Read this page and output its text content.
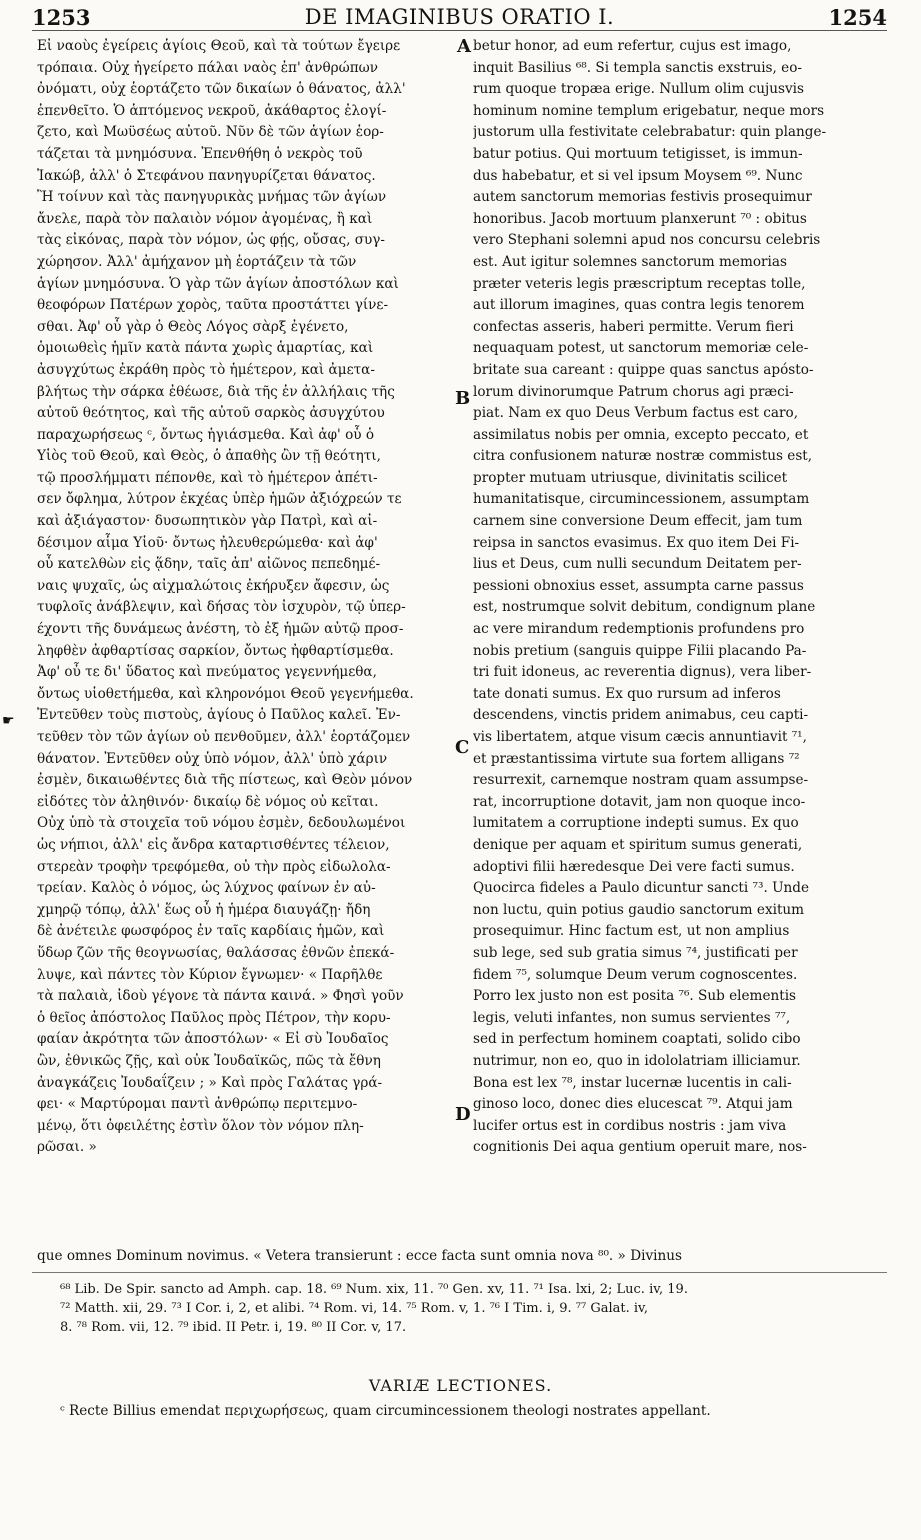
1253	DE IMAGINIBUS ORATIO I.	1254
Εἰ ναοὺς ἐγείρεις ἁγίοις Θεοῦ, καὶ τὰ τούτων ἔγειρε
τρόπαια. Οὐχ ἠγείρετο πάλαι ναὸς ἐπ' ἀνθρώπων
ὀνόματι, οὐχ ἑορτάζετο τῶν δικαίων ὁ θάνατος, ἀλλ'
ἐπενθεῖτο. Ὁ ἁπτόμενος νεκροῦ, ἀκάθαρτος ἐλογί-
ζετο, καὶ Μωϋσέως αὐτοῦ. Νῦν δὲ τῶν ἁγίων ἑορ-
τάζεται τὰ μνημόσυνα. Ἐπενθήθη ὁ νεκρὸς τοῦ
Ἰακώβ, ἀλλ' ὁ Στεφάνου πανηγυρίζεται θάνατος.
Ἢ τοίνυν καὶ τὰς πανηγυρικὰς μνήμας τῶν ἁγίων
ἄνελε, παρὰ τὸν παλαιὸν νόμον ἀγομένας, ἢ καὶ
τὰς εἰκόνας, παρὰ τὸν νόμον, ὡς φῄς, οὔσας, συγ-
χώρησον. Ἀλλ' ἀμήχανον μὴ ἑορτάζειν τὰ τῶν
ἁγίων μνημόσυνα. Ὁ γὰρ τῶν ἁγίων ἀποστόλων καὶ
θεοφόρων Πατέρων χορὸς, ταῦτα προστάττει γίνε-
σθαι. Ἀφ' οὗ γὰρ ὁ Θεὸς Λόγος σὰρξ ἐγένετο,
ὁμοιωθεὶς ἡμῖν κατὰ πάντα χωρὶς ἁμαρτίας, καὶ
ἀσυγχύτως ἐκράθη πρὸς τὸ ἡμέτερον, καὶ ἀμετα-
βλήτως τὴν σάρκα ἐθέωσε, διὰ τῆς ἐν ἀλλήλαις τῆς
αὐτοῦ θεότητος, καὶ τῆς αὐτοῦ σαρκὸς ἀσυγχύτου
παραχωρήσεως ᶜ, ὄντως ἡγιάσμεθα. Καὶ ἀφ' οὗ ὁ
Υἱὸς τοῦ Θεοῦ, καὶ Θεὸς, ὁ ἀπαθὴς ὢν τῇ θεότητι,
τῷ προσλήμματι πέπονθε, καὶ τὸ ἡμέτερον ἀπέτι-
σεν ὄφλημα, λύτρον ἐκχέας ὑπὲρ ἡμῶν ἀξιόχρεών τε
καὶ ἀξιάγαστον· δυσωπητικὸν γὰρ Πατρὶ, καὶ αἰ-
δέσιμον αἷμα Υἱοῦ· ὄντως ἠλευθερώμεθα· καὶ ἀφ'
οὗ κατελθὼν εἰς ᾅδην, ταῖς ἀπ' αἰῶνος πεπεδημέ-
ναις ψυχαῖς, ὡς αἰχμαλώτοις ἐκήρυξεν ἄφεσιν, ὡς
τυφλοῖς ἀνάβλεψιν, καὶ δήσας τὸν ἰσχυρὸν, τῷ ὑπερ-
έχοντι τῆς δυνάμεως ἀνέστη, τὸ ἐξ ἡμῶν αὐτῷ προσ-
ληφθὲν ἀφθαρτίσας σαρκίον, ὄντως ἠφθαρτίσμεθα.
Ἀφ' οὗ τε δι' ὕδατος καὶ πνεύματος γεγεννήμεθα,
ὄντως υἱοθετήμεθα, καὶ κληρονόμοι Θεοῦ γεγενήμεθα.
Ἐντεῦθεν τοὺς πιστοὺς, ἁγίους ὁ Παῦλος καλεῖ. Ἐν-
τεῦθεν τὸν τῶν ἁγίων οὐ πενθοῦμεν, ἀλλ' ἑορτάζομεν
θάνατον. Ἐντεῦθεν οὐχ ὑπὸ νόμον, ἀλλ' ὑπὸ χάριν
ἐσμὲν, δικαιωθέντες διὰ τῆς πίστεως, καὶ Θεὸν μόνον
εἰδότες τὸν ἀληθινόν· δικαίῳ δὲ νόμος οὐ κεῖται.
Οὐχ ὑπὸ τὰ στοιχεῖα τοῦ νόμου ἐσμὲν, δεδουλωμένοι
ὡς νήπιοι, ἀλλ' εἰς ἄνδρα καταρτισθέντες τέλειον,
στερεὰν τροφὴν τρεφόμεθα, οὐ τὴν πρὸς εἰδωλολα-
τρείαν. Καλὸς ὁ νόμος, ὡς λύχνος φαίνων ἐν αὐ-
χμηρῷ τόπῳ, ἀλλ' ἕως οὗ ἡ ἡμέρα διαυγάζῃ· ἤδη
δὲ ἀνέτειλε φωσφόρος ἐν ταῖς καρδίαις ἡμῶν, καὶ
ὕδωρ ζῶν τῆς θεογνωσίας, θαλάσσας ἐθνῶν ἐπεκά-
λυψε, καὶ πάντες τὸν Κύριον ἔγνωμεν· « Παρῆλθε
τὰ παλαιὰ, ἰδοὺ γέγονε τὰ πάντα καινά. » Φησὶ γοῦν
ὁ θεῖος ἀπόστολος Παῦλος πρὸς Πέτρον, τὴν κορυ-
φαίαν ἀκρότητα τῶν ἀποστόλων· « Εἰ σὺ Ἰουδαῖος
ὢν, ἐθνικῶς ζῇς, καὶ οὐκ Ἰουδαϊκῶς, πῶς τὰ ἔθνη
ἀναγκάζεις Ἰουδαΐζειν ; » Καὶ πρὸς Γαλάτας γρά-
φει· « Μαρτύρομαι παντὶ ἀνθρώπῳ περιτεμνο-
μένῳ, ὅτι ὀφειλέτης ἐστὶν ὅλον τὸν νόμον πλη-
ρῶσαι. »
betur honor, ad eum refertur, cujus est imago,
inquit Basilius ⁶⁸. Si templa sanctis exstruis, eo-
rum quoque tropæa erige. Nullum olim cujusvis
hominum nomine templum erigebatur, neque mors
justorum ulla festivitate celebrabatur: quin plange-
batur potius. Qui mortuum tetigisset, is immun-
dus habebatur, et si vel ipsum Moysem ⁶⁹. Nunc
autem sanctorum memorias festivis prosequimur
honoribus. Jacob mortuum planxerunt ⁷⁰ : obitus
vero Stephani solemni apud nos concursu celebris
est. Aut igitur solemnes sanctorum memorias
præter veteris legis præscriptum receptas tolle,
aut illorum imagines, quas contra legis tenorem
confectas asseris, haberi permitte. Verum fieri
nequaquam potest, ut sanctorum memoriæ cele-
britate sua careant : quippe quas sanctus apósto-
lorum divinorumque Patrum chorus agi præci-
piat. Nam ex quo Deus Verbum factus est caro,
assimilatus nobis per omnia, excepto peccato, et
citra confusionem naturæ nostræ commistus est,
propter mutuam utriusque, divinitatis scilicet
humanitatisque, circumincessionem, assumptam
carnem sine conversione Deum effecit, jam tum
reipsa in sanctos evasimus. Ex quo item Dei Fi-
lius et Deus, cum nulli secundum Deitatem per-
pessioni obnoxius esset, assumpta carne passus
est, nostrumque solvit debitum, condignum plane
ac vere mirandum redemptionis profundens pro
nobis pretium (sanguis quippe Filii placando Pa-
tri fuit idoneus, ac reverentia dignus), vera liber-
tate donati sumus. Ex quo rursum ad inferos
descendens, vinctis pridem animabus, ceu capti-
vis libertatem, atque visum cæcis annuntiavit ⁷¹,
et præstantissima virtute sua fortem alligans ⁷²
resurrexit, carnemque nostram quam assumpse-
rat, incorruptione dotavit, jam non quoque inco-
lumitatem a corruptione indepti sumus. Ex quo
denique per aquam et spiritum sumus generati,
adoptivi filii hæredesque Dei vere facti sumus.
Quocirca fideles a Paulo dicuntur sancti ⁷³. Unde
non luctu, quin potius gaudio sanctorum exitum
prosequimur. Hinc factum est, ut non amplius
sub lege, sed sub gratia simus ⁷⁴, justificati per
fidem ⁷⁵, solumque Deum verum cognoscentes.
Porro lex justo non est posita ⁷⁶. Sub elementis
legis, veluti infantes, non sumus servientes ⁷⁷,
sed in perfectum hominem coaptati, solido cibo
nutrimur, non eo, quo in idololatriam illiciamur.
Bona est lex ⁷⁸, instar lucernæ lucentis in cali-
ginoso loco, donec dies elucescat ⁷⁹. Atqui jam
lucifer ortus est in cordibus nostris : jam viva
cognitionis Dei aqua gentium operuit mare, nos-
A
B
C
D
☛
que omnes Dominum novimus. « Vetera transierunt : ecce facta sunt omnia nova ⁸⁰. » Divinus
⁶⁸ Lib. De Spir. sancto ad Amph. cap. 18. ⁶⁹ Num. xix, 11. ⁷⁰ Gen. xv, 11. ⁷¹ Isa. lxi, 2; Luc. iv, 19.
⁷² Matth. xii, 29. ⁷³ I Cor. i, 2, et alibi. ⁷⁴ Rom. vi, 14. ⁷⁵ Rom. v, 1. ⁷⁶ I Tim. i, 9. ⁷⁷ Galat. iv,
8. ⁷⁸ Rom. vii, 12. ⁷⁹ ibid. II Petr. i, 19. ⁸⁰ II Cor. v, 17.
VARIÆ LECTIONES.
ᶜ Recte Billius emendat περιχωρήσεως, quam circumincessionem theologi nostrates appellant.
